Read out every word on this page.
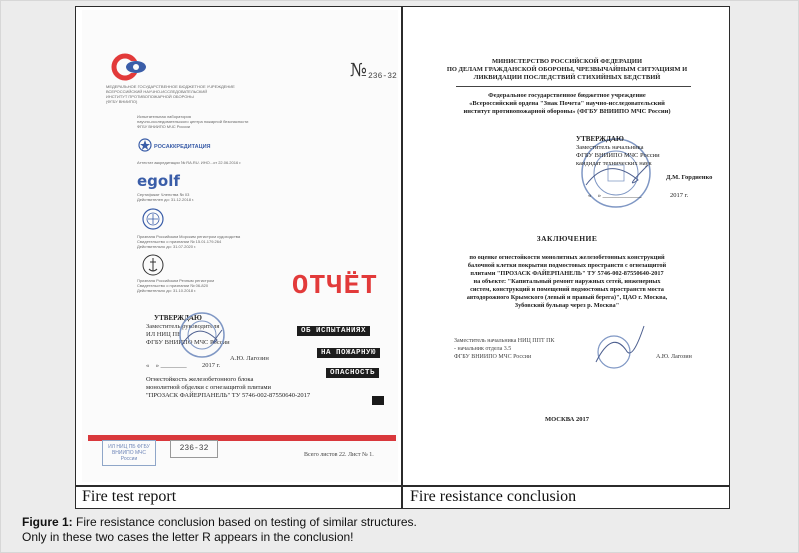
МЕДЕРАЛЬНОЕ ГОСУДАРСТВЕННОЕ БЮДЖЕТНОЕ УЧРЕЖДЕНИЕ
ВСЕРОССИЙСКИЙ НАУЧНО-ИССЛЕДОВАТЕЛЬСКИЙ
ИНСТИТУТ ПРОТИВОПОЖАРНОЙ ОБОРОНЫ
(ФГБУ ВНИИПО)
Испытательная лаборатория
научно-исследовательского центра пожарной безопасности
ФГБУ ВНИИПО МЧС России
№ 236-32
РОСАККРЕДИТАЦИЯ
Аттестат аккредитации № RA.RU. ИНО...от 22.06.2016 г.
egolf
Сертификат Членства № 03
Действителен до: 31.12.2018 г.
Признана Российским Морским регистром судоходства
Свидетельство о признании № 15.01.179.264
Действительно до: 31.07.2020 г.
Признана Российским Речным регистром
Свидетельство о признании № 06-820
Действительно до: 31.10.2018 г.	ОТЧЁТ
УТВЕРЖДАЮ
Заместитель руководителя
ИЛ НИЦ ПБ
ФГБУ ВНИИПО МЧС России
А.Ю. Лагозин
«    » ________ 2017 г.
ОБ ИСПЫТАНИЯХ
НА ПОЖАРНУЮ
ОПАСНОСТЬ
Огнестойкость железобетонного блока
монолитной обделки с огнезащитой плитами
"ПРОЗАСК ФАЙЕРПАНЕЛЬ" ТУ 5746-002-87550640-2017
ИЛ НИЦ ПБ ФГБУ ВНИИПО МЧС России
236-32
Всего листов 22. Лист № 1.
МИНИСТЕРСТВО РОССИЙСКОЙ ФЕДЕРАЦИИ
ПО ДЕЛАМ ГРАЖДАНСКОЙ ОБОРОНЫ, ЧРЕЗВЫЧАЙНЫМ СИТУАЦИЯМ И
ЛИКВИДАЦИИ ПОСЛЕДСТВИЙ СТИХИЙНЫХ БЕДСТВИЙ
Федеральное государственное бюджетное учреждение
«Всероссийский ордена "Знак Почета" научно-исследовательский
институт противопожарной обороны» (ФГБУ ВНИИПО МЧС России)
УТВЕРЖДАЮ
Заместитель начальника
ФГБУ ВНИИПО МЧС России
кандидат технических наук
Д.М. Гордиенко
«    » ____________	2017 г.
ЗАКЛЮЧЕНИЕ
по оценке огнестойкости монолитных железобетонных конструкций
балочной клетки покрытия подмостовых пространств с огнезащитой
плитами "ПРОЗАСК ФАЙЕРПАНЕЛЬ" ТУ 5746-002-87550640-2017
на объекте: "Капитальный ремонт наружных сетей, инженерных
систем, конструкций и помещений подмостовых пространств моста
автодорожного Крымского (левый и правый берега)", ЦАО г. Москва,
Зубовский бульвар через р. Москва"
Заместитель начальника НИЦ ППТ ПК
- начальник отдела 3.5
ФГБУ ВНИИПО МЧС России	А.Ю. Лагозин
МОСКВА 2017
Fire test report	Fire resistance conclusion
Figure 1: Fire resistance conclusion based on testing of similar structures.
Only in these two cases the letter R appears in the conclusion!
